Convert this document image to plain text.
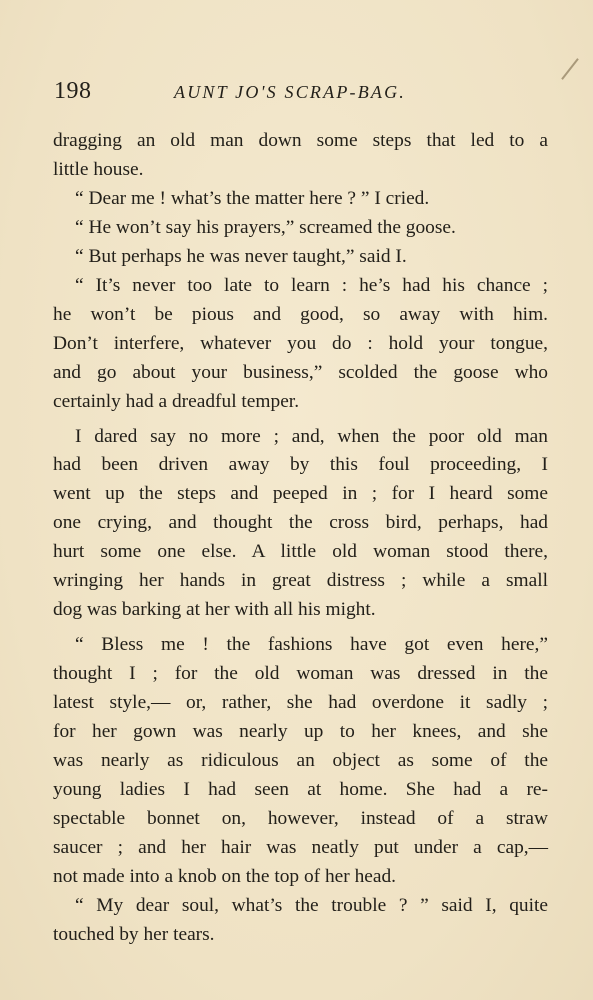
198	AUNT JO'S SCRAP-BAG.
dragging an old man down some steps that led to a
little house.
“ Dear me ! what’s the matter here ? ” I cried.
“ He won’t say his prayers,” screamed the goose.
“ But perhaps he was never taught,” said I.
“ It’s never too late to learn : he’s had his chance ;
he won’t be pious and good, so away with him.
Don’t interfere, whatever you do : hold your tongue,
and go about your business,” scolded the goose who
certainly had a dreadful temper.
I dared say no more ; and, when the poor old man
had been driven away by this foul proceeding, I
went up the steps and peeped in ; for I heard some
one crying, and thought the cross bird, perhaps, had
hurt some one else. A little old woman stood there,
wringing her hands in great distress ; while a small
dog was barking at her with all his might.
“ Bless me ! the fashions have got even here,”
thought I ; for the old woman was dressed in the
latest style,— or, rather, she had overdone it sadly ;
for her gown was nearly up to her knees, and she
was nearly as ridiculous an object as some of the
young ladies I had seen at home. She had a re-
spectable bonnet on, however, instead of a straw
saucer ; and her hair was neatly put under a cap,—
not made into a knob on the top of her head.
“ My dear soul, what’s the trouble ? ” said I, quite
touched by her tears.
